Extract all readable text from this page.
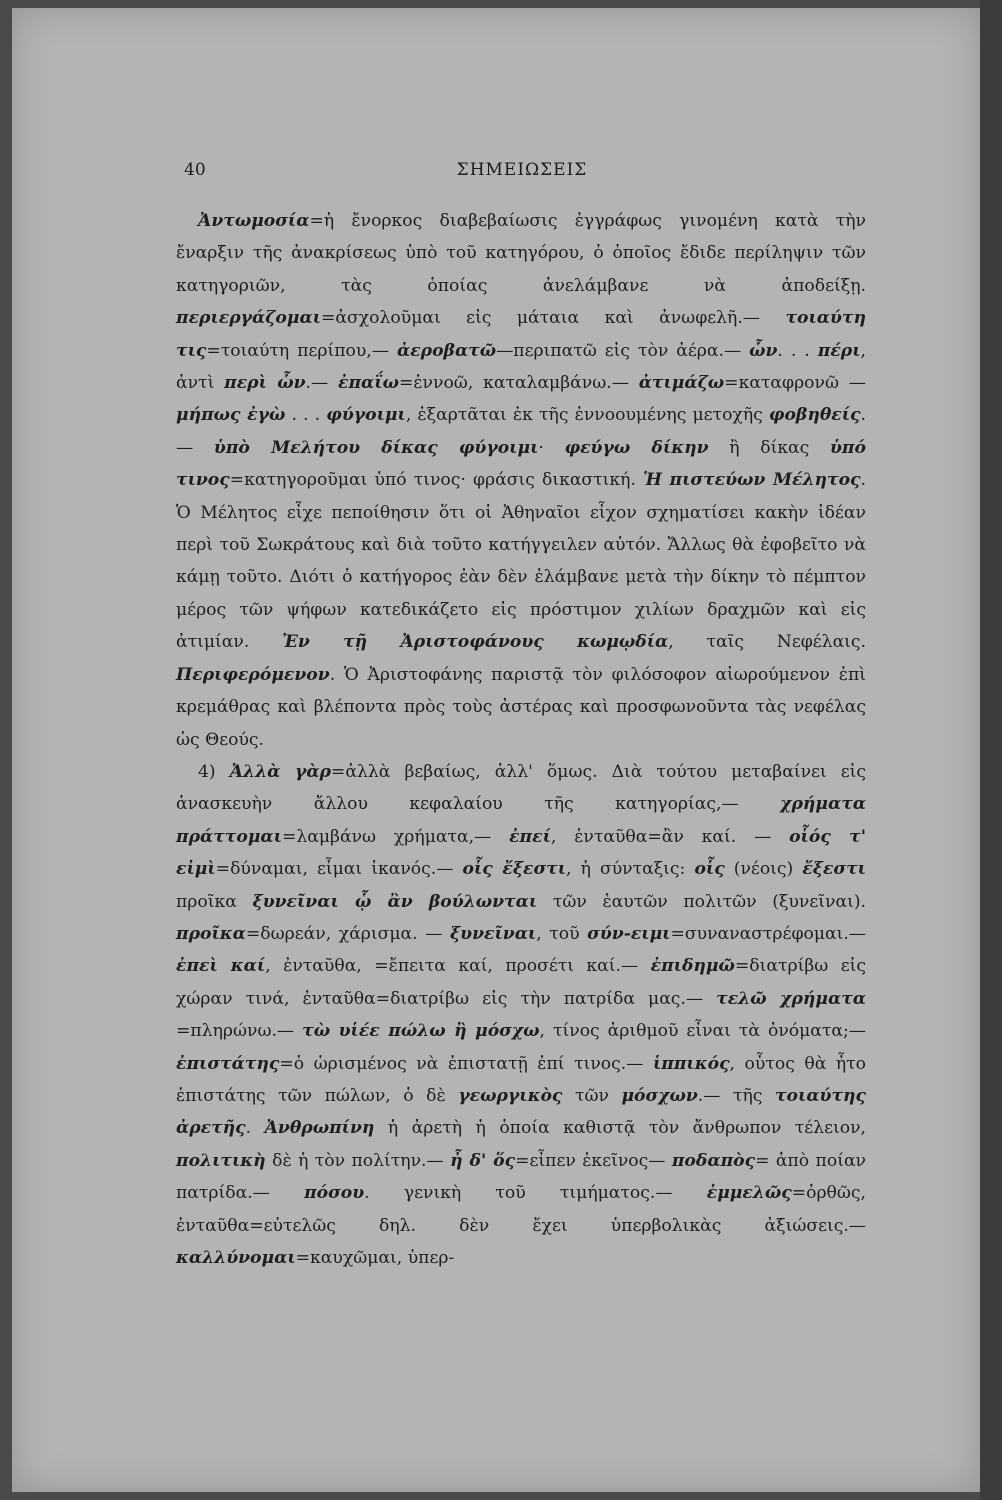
40	ΣΗΜΕΙΩΣΕΙΣ

Ἀντωμοσία=ἡ ἔνορκος διαβεβαίωσις ἐγγράφως γινομένη κατὰ τὴν ἔναρξιν τῆς ἀνακρίσεως ὑπὸ τοῦ κατηγόρου, ὁ ὁποῖος ἔδιδε περίληψιν τῶν κατηγοριῶν, τὰς ὁποίας ἀνελάμβανε νὰ ἀποδείξῃ. περιεργάζομαι=ἀσχολοῦμαι εἰς μάταια καὶ ἀνωφελῆ.— τοιαύτη τις=τοιαύτη περίπου,— ἀεροβατῶ—περιπατῶ εἰς τὸν ἀέρα.— ὧν. . . πέρι, ἀντὶ περὶ ὧν.— ἐπαΐω=ἐννοῶ, καταλαμβάνω.— ἀτιμάζω=καταφρονῶ — μήπως ἐγὼ . . . φύγοιμι, ἐξαρτᾶται ἐκ τῆς ἐννοουμένης μετοχῆς φοβηθείς.— ὑπὸ Μελήτου δίκας φύγοιμι· φεύγω δίκην ἢ δίκας ὑπό τινος=κατηγοροῦμαι ὑπό τινος· φράσις δικαστική. Ἡ πιστεύων Μέλητος. Ὁ Μέλητος εἶχε πεποίθησιν ὅτι οἱ Ἀθηναῖοι εἶχον σχηματίσει κακὴν ἰδέαν περὶ τοῦ Σωκράτους καὶ διὰ τοῦτο κατήγγειλεν αὐτόν. Ἄλλως θὰ ἐφοβεῖτο νὰ κάμῃ τοῦτο. Διότι ὁ κατήγορος ἐὰν δὲν ἐλάμβανε μετὰ τὴν δίκην τὸ πέμπτον μέρος τῶν ψήφων κατεδικάζετο εἰς πρόστιμον χιλίων δραχμῶν καὶ εἰς ἀτιμίαν. Ἐν τῇ Ἀριστοφάνους κωμῳδία, ταῖς Νεφέλαις. Περιφερόμενον. Ὁ Ἀριστοφάνης παριστᾷ τὸν φιλόσοφον αἰωρούμενον ἐπὶ κρεμάθρας καὶ βλέποντα πρὸς τοὺς ἀστέρας καὶ προσφωνοῦντα τὰς νεφέλας ὡς Θεούς.

4) Ἀλλὰ γὰρ=ἀλλὰ βεβαίως, ἀλλ' ὅμως. Διὰ τούτου μεταβαίνει εἰς ἀνασκευὴν ἄλλου κεφαλαίου τῆς κατηγορίας,— χρήματα πράττομαι=λαμβάνω χρήματα,— ἐπεί, ἐνταῦθα=ἂν καί. — οἷός τ' εἰμὶ=δύναμαι, εἶμαι ἱκανός.— οἷς ἔξεστι, ἡ σύνταξις: οἷς (νέοις) ἔξεστι προῖκα ξυνεῖναι ᾧ ἂν βούλωνται τῶν ἑαυτῶν πολιτῶν (ξυνεῖναι). προῖκα=δωρεάν, χάρισμα. — ξυνεῖναι, τοῦ σύν-ειμι=συναναστρέφομαι.— ἐπεὶ καί, ἐνταῦθα, =ἔπειτα καί, προσέτι καί.— ἐπιδημῶ=διατρίβω εἰς χώραν τινά, ἐνταῦθα=διατρίβω εἰς τὴν πατρίδα μας.— τελῶ χρήματα =πληρώνω.— τὼ υἱέε πώλω ἢ μόσχω, τίνος ἀριθμοῦ εἶναι τὰ ὀνόματα;— ἐπιστάτης=ὁ ὡρισμένος νὰ ἐπιστατῇ ἐπί τινος.— ἱππικός, οὗτος θὰ ἦτο ἐπιστάτης τῶν πώλων, ὁ δὲ γεωργικὸς τῶν μόσχων.— τῆς τοιαύτης ἀρετῆς. Ἀνθρωπίνη ἡ ἀρετὴ ἡ ὁποία καθιστᾷ τὸν ἄνθρωπον τέλειον, πολιτικὴ δὲ ἡ τὸν πολίτην.— ἦ δ' ὅς=εἶπεν ἐκεῖνος— ποδαπὸς= ἀπὸ ποίαν πατρίδα.— πόσου. γενικὴ τοῦ τιμήματος.— ἐμμελῶς=ὀρθῶς, ἐνταῦθα=εὐτελῶς δηλ. δὲν ἔχει ὑπερβολικὰς ἀξιώσεις.— καλλύνομαι=καυχῶμαι, ὑπερ-
